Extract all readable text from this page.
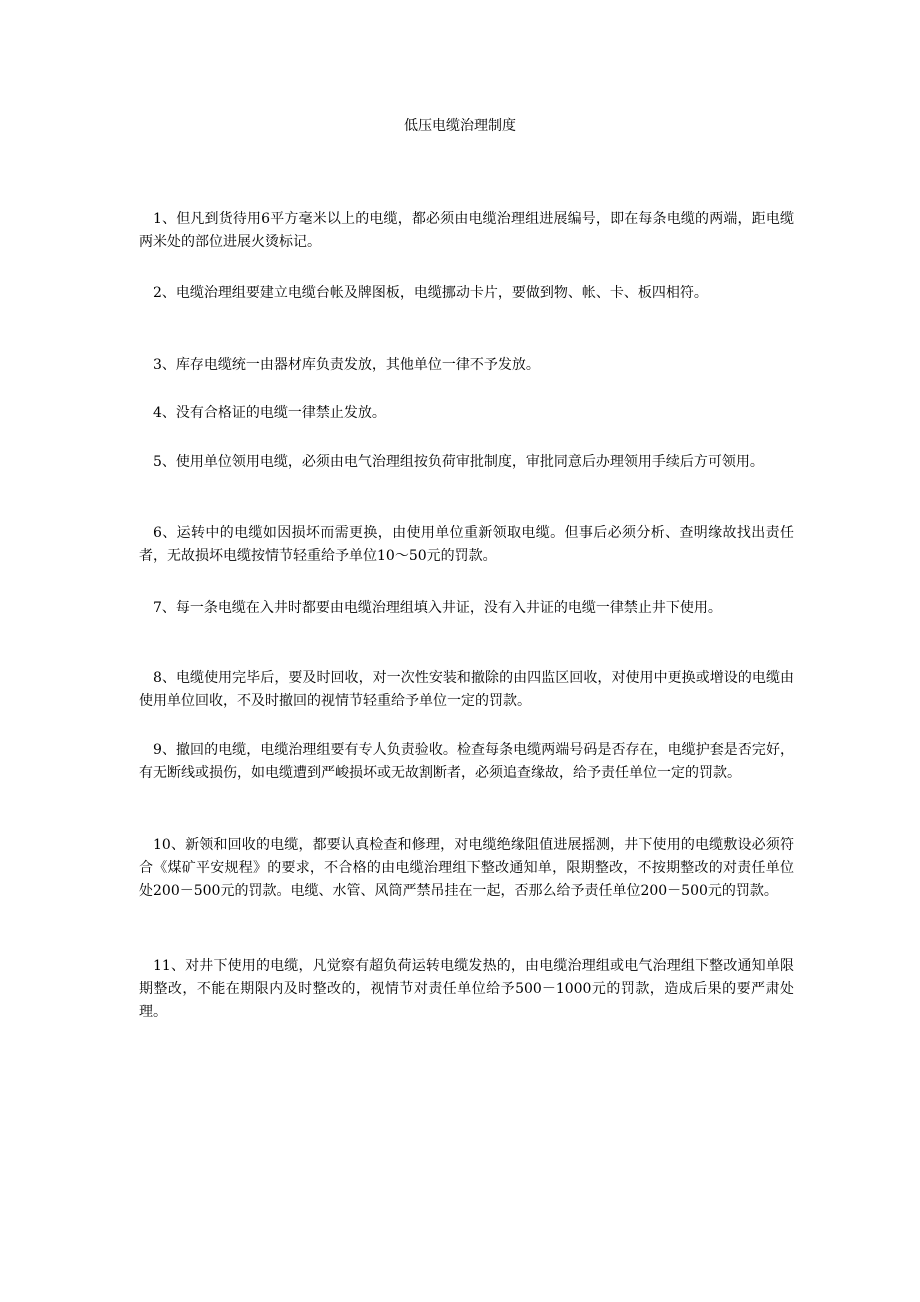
低压电缆治理制度

1、但凡到货待用6平方毫米以上的电缆，都必须由电缆治理组进展编号，即在每条电缆的两端，距电缆两米处的部位进展火烫标记。

2、电缆治理组要建立电缆台帐及牌图板，电缆挪动卡片，要做到物、帐、卡、板四相符。

3、库存电缆统一由器材库负责发放，其他单位一律不予发放。

4、没有合格证的电缆一律禁止发放。

5、使用单位领用电缆，必须由电气治理组按负荷审批制度，审批同意后办理领用手续后方可领用。

6、运转中的电缆如因损坏而需更换，由使用单位重新领取电缆。但事后必须分析、查明缘故找出责任者，无故损坏电缆按情节轻重给予单位10～50元的罚款。

7、每一条电缆在入井时都要由电缆治理组填入井证，没有入井证的电缆一律禁止井下使用。

8、电缆使用完毕后，要及时回收，对一次性安装和撤除的由四监区回收，对使用中更换或增设的电缆由使用单位回收，不及时撤回的视情节轻重给予单位一定的罚款。

9、撤回的电缆，电缆治理组要有专人负责验收。检查每条电缆两端号码是否存在，电缆护套是否完好，有无断线或损伤，如电缆遭到严峻损坏或无故割断者，必须追查缘故，给予责任单位一定的罚款。

10、新领和回收的电缆，都要认真检查和修理，对电缆绝缘阻值进展摇测，井下使用的电缆敷设必须符合《煤矿平安规程》的要求，不合格的由电缆治理组下整改通知单，限期整改，不按期整改的对责任单位处200－500元的罚款。电缆、水管、风筒严禁吊挂在一起，否那么给予责任单位200－500元的罚款。

11、对井下使用的电缆，凡觉察有超负荷运转电缆发热的，由电缆治理组或电气治理组下整改通知单限期整改，不能在期限内及时整改的，视情节对责任单位给予500－1000元的罚款，造成后果的要严肃处理。
